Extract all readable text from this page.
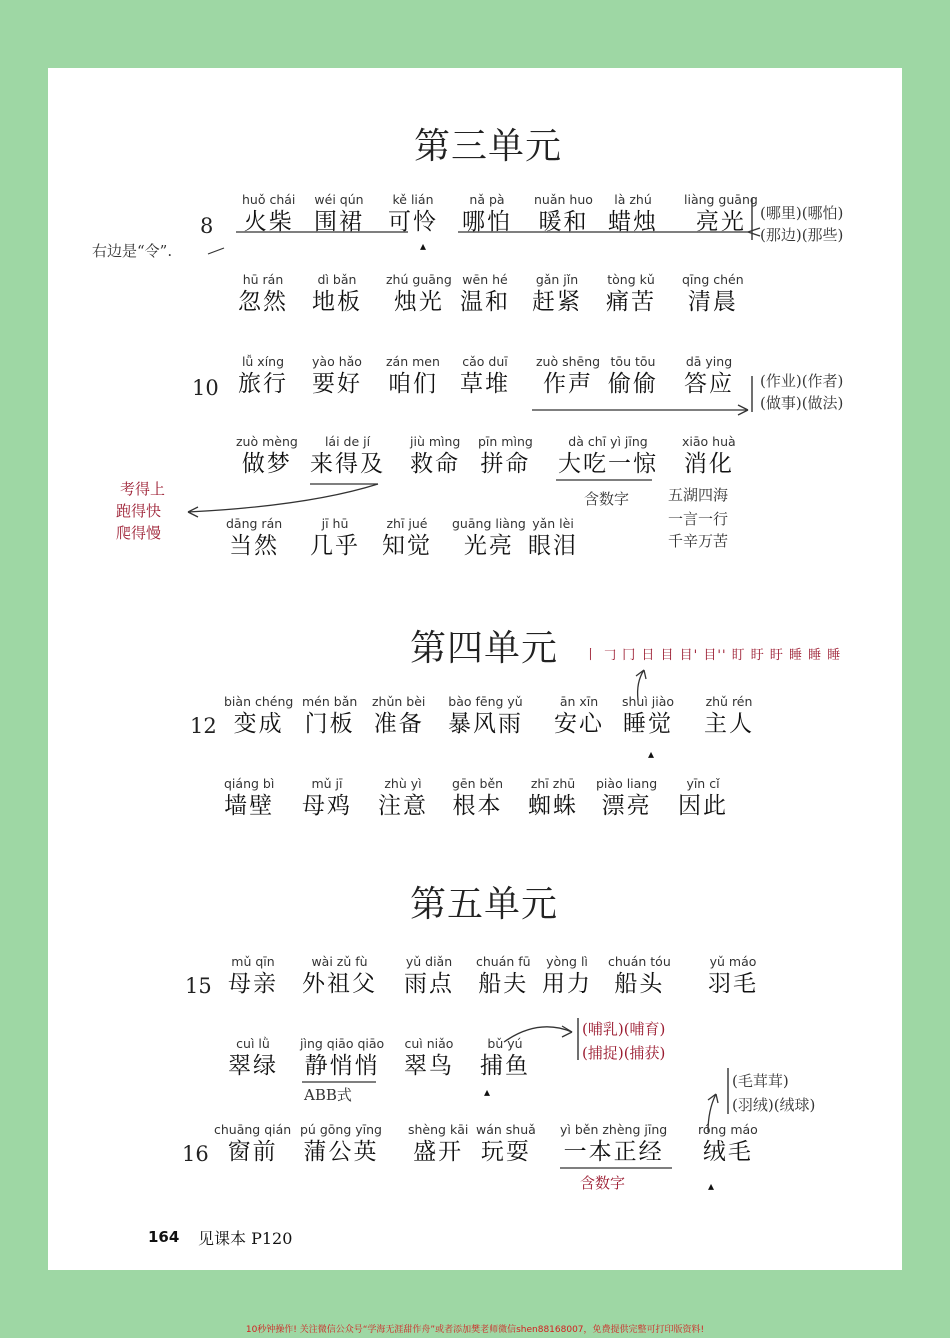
第三单元
第四单元
第五单元
8
10
12
15
16
huǒ chái
火柴
wéi qún
围裙
kě lián
可怜
nǎ pà
哪怕
nuǎn huo
暖和
là zhú
蜡烛
liàng guāng
亮光
hū rán
忽然
dì bǎn
地板
zhú guāng
烛光
wēn hé
温和
gǎn jǐn
赶紧
tòng kǔ
痛苦
qīng chén
清晨
lǚ xíng
旅行
yào hǎo
要好
zán men
咱们
cǎo duī
草堆
zuò shēng
作声
tōu tōu
偷偷
dā ying
答应
zuò mèng
做梦
lái de jí
来得及
jiù mìng
救命
pīn mìng
拼命
dà chī yì jīng
大吃一惊
xiāo huà
消化
dāng rán
当然
jī hū
几乎
zhī jué
知觉
guāng liàng
光亮
yǎn lèi
眼泪
biàn chéng
变成
mén bǎn
门板
zhǔn bèi
准备
bào fēng yǔ
暴风雨
ān xīn
安心
shuì jiào
睡觉
zhǔ rén
主人
qiáng bì
墙壁
mǔ jī
母鸡
zhù yì
注意
gēn běn
根本
zhī zhū
蜘蛛
piào liang
漂亮
yīn cǐ
因此
mǔ qīn
母亲
wài zǔ fù
外祖父
yǔ diǎn
雨点
chuán fū
船夫
yòng lì
用力
chuán tóu
船头
yǔ máo
羽毛
cuì lǜ
翠绿
jìng qiāo qiāo
静悄悄
cuì niǎo
翠鸟
bǔ yú
捕鱼
chuāng qián
窗前
pú gōng yīng
蒲公英
shèng kāi
盛开
wán shuǎ
玩耍
yì běn zhèng jīng
一本正经
róng máo
绒毛
▴
▴
▴
▴
右边是“令”.
(哪里)(哪怕)
(那边)(那些)
(作业)(作者)
(做事)(做法)
考得上
跑得快
爬得慢
含数字	五湖四海
一言一行
千辛万苦
丨 𠃌 冂 日 目 目' 目'' 盯 盱 盱 睡 睡 睡
(哺乳)(哺育)
(捕捉)(捕获)
ABB式
含数字
(毛茸茸)
(羽绒)(绒球)
164 见课本 P120
10秒钟操作! 关注微信公众号“学海无涯甜作舟”或者添加樊老师微信shen88168007，免费提供完整可打印版资料!
